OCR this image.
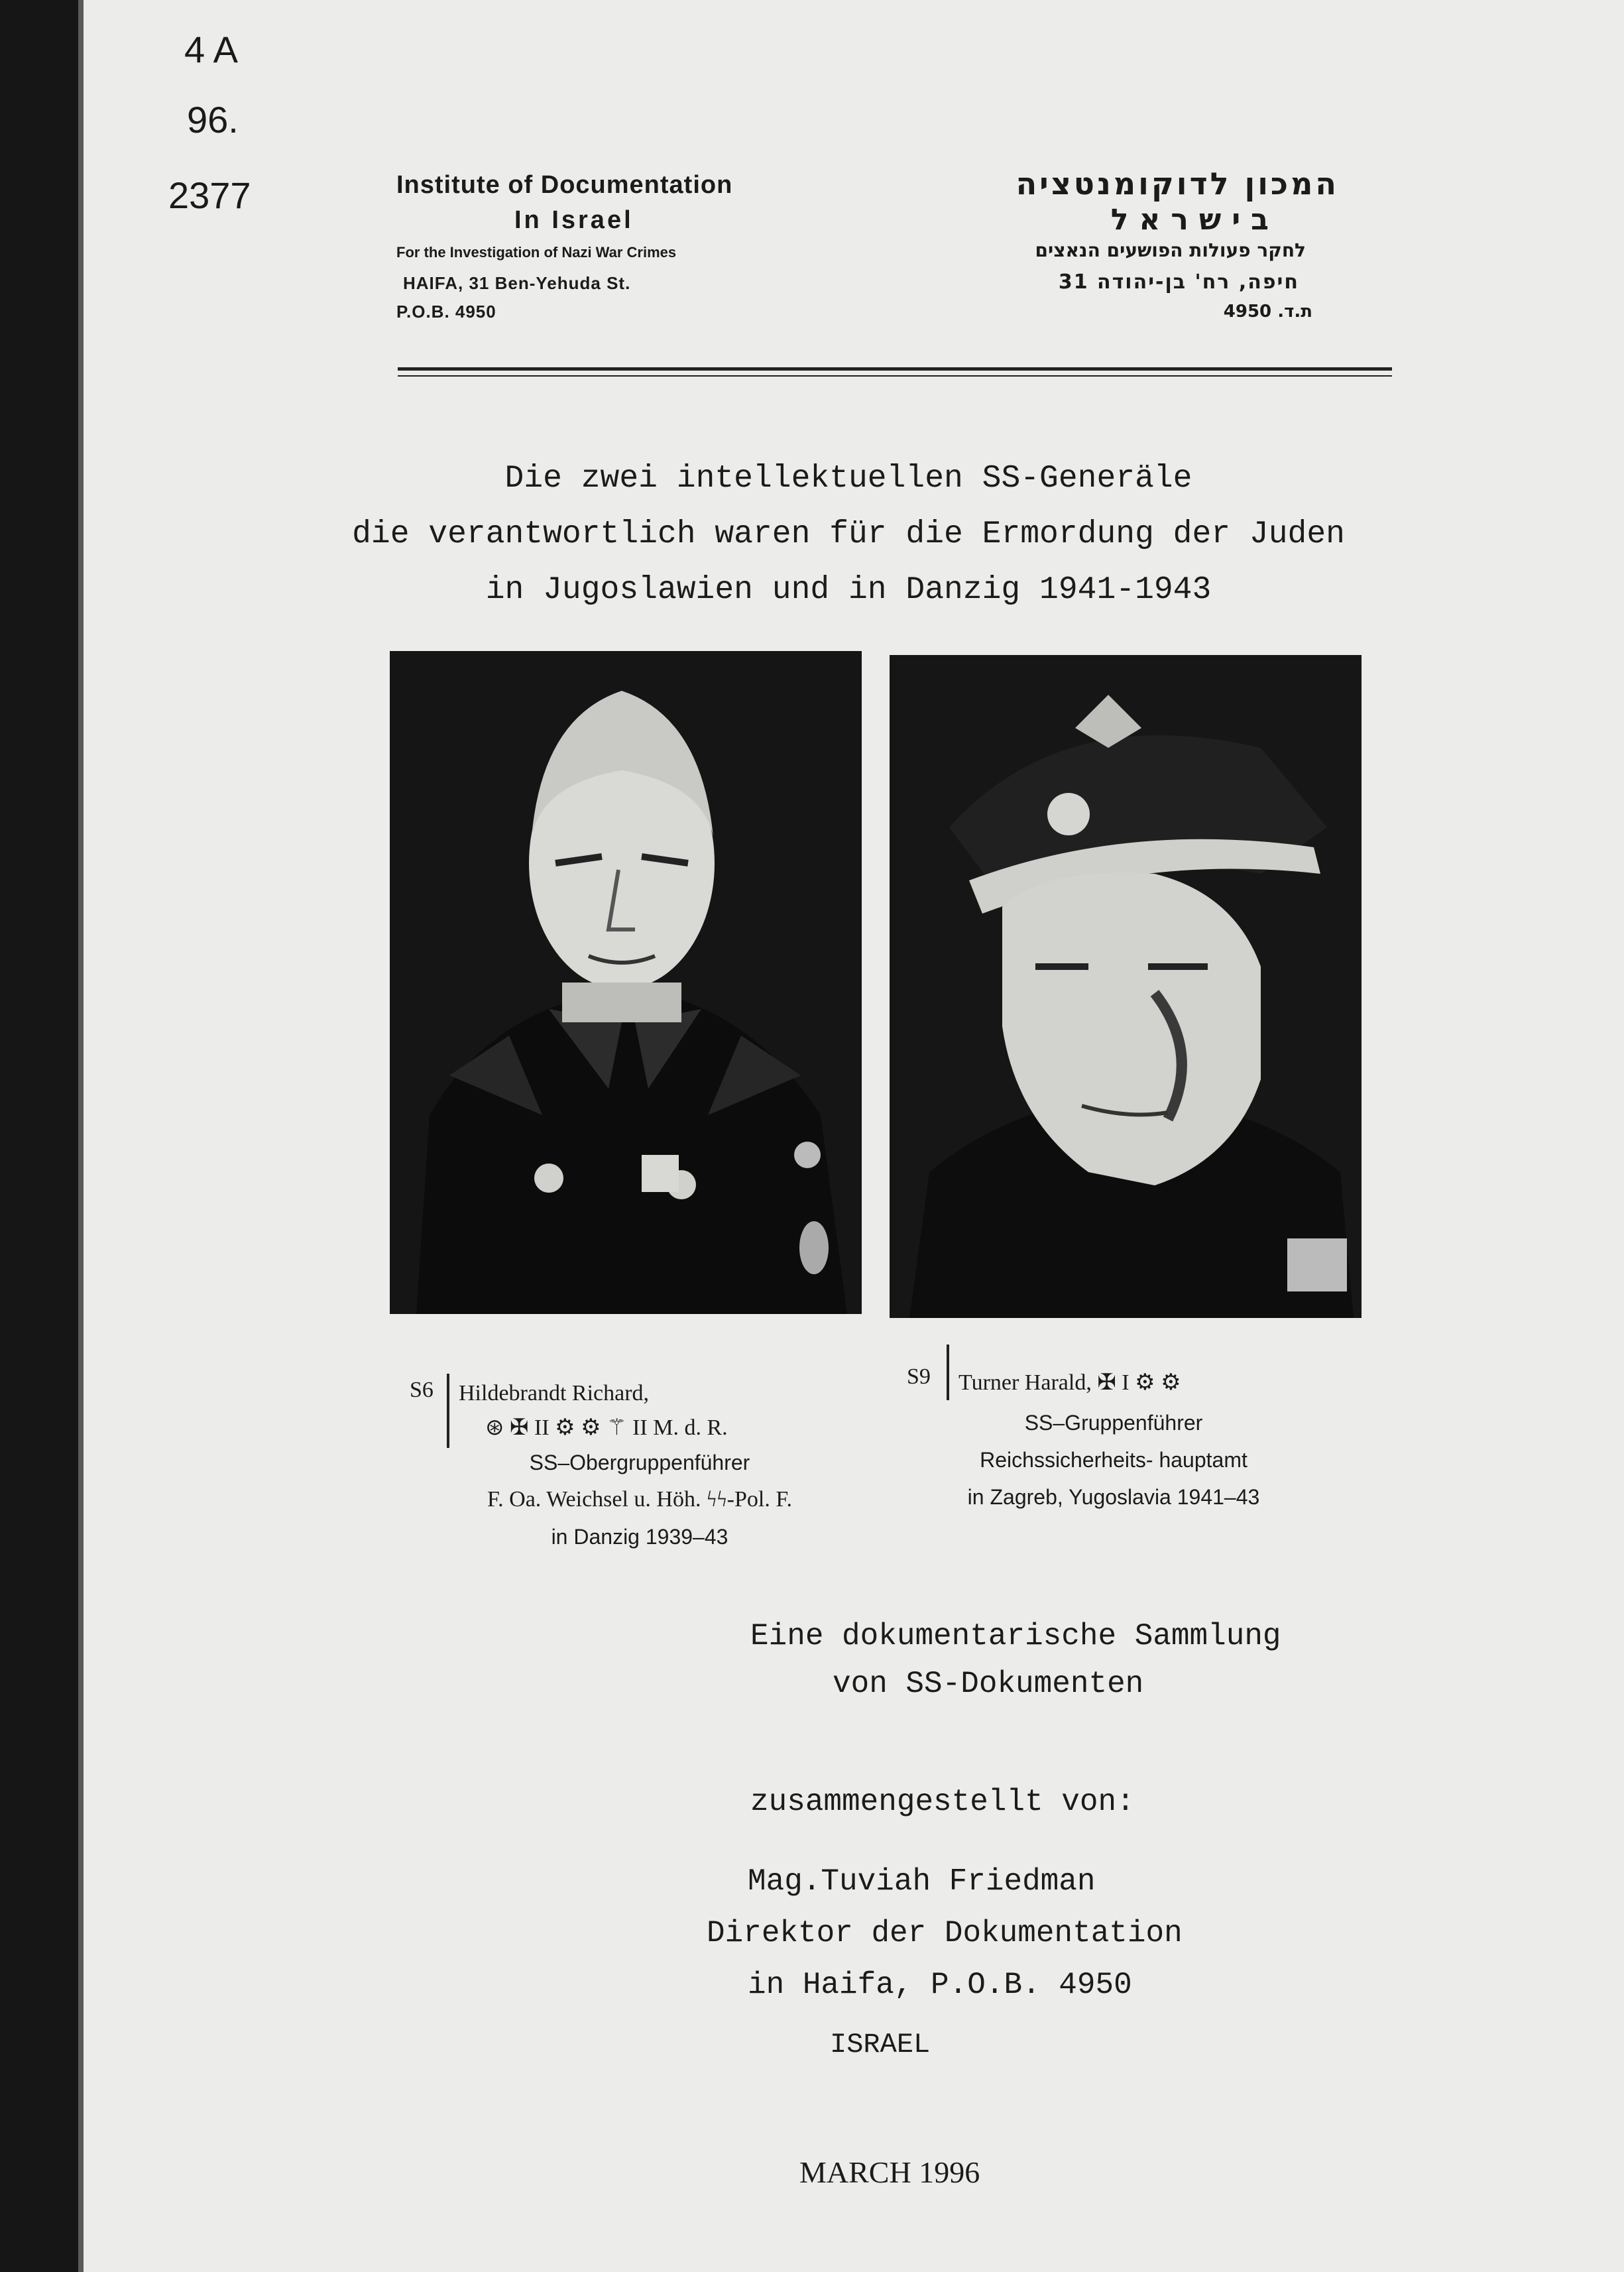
4 A
96.
2377	Institute of Documentation
In Israel
For the Investigation of Nazi War Crimes
HAIFA, 31 Ben-Yehuda St.
P.O.B. 4950
המכון לדוקומנטציה
בישראל
לחקר פעולות הפושעים הנאצים
חיפה, רח' בן-יהודה 31
ת.ד. 4950
Die zwei intellektuellen SS-Generäle
die verantwortlich waren für die Ermordung der Juden
in Jugoslawien und in Danzig 1941-1943
S6 Hildebrandt Richard,
⊛ ✠ II ⚙ ⚙ ⚚ II M. d. R.
SS–Obergruppenführer
F. Oa. Weichsel u. Höh. ϟϟ-Pol. F.
in Danzig 1939–43
S9 Turner Harald, ✠ I ⚙ ⚙
SS–Gruppenführer
Reichssicherheits- hauptamt
in Zagreb, Yugoslavia 1941–43
Eine dokumentarische Sammlung
von SS-Dokumenten
zusammengestellt von:
Mag.Tuviah Friedman
Direktor der Dokumentation
in Haifa, P.O.B. 4950
ISRAEL
MARCH 1996
